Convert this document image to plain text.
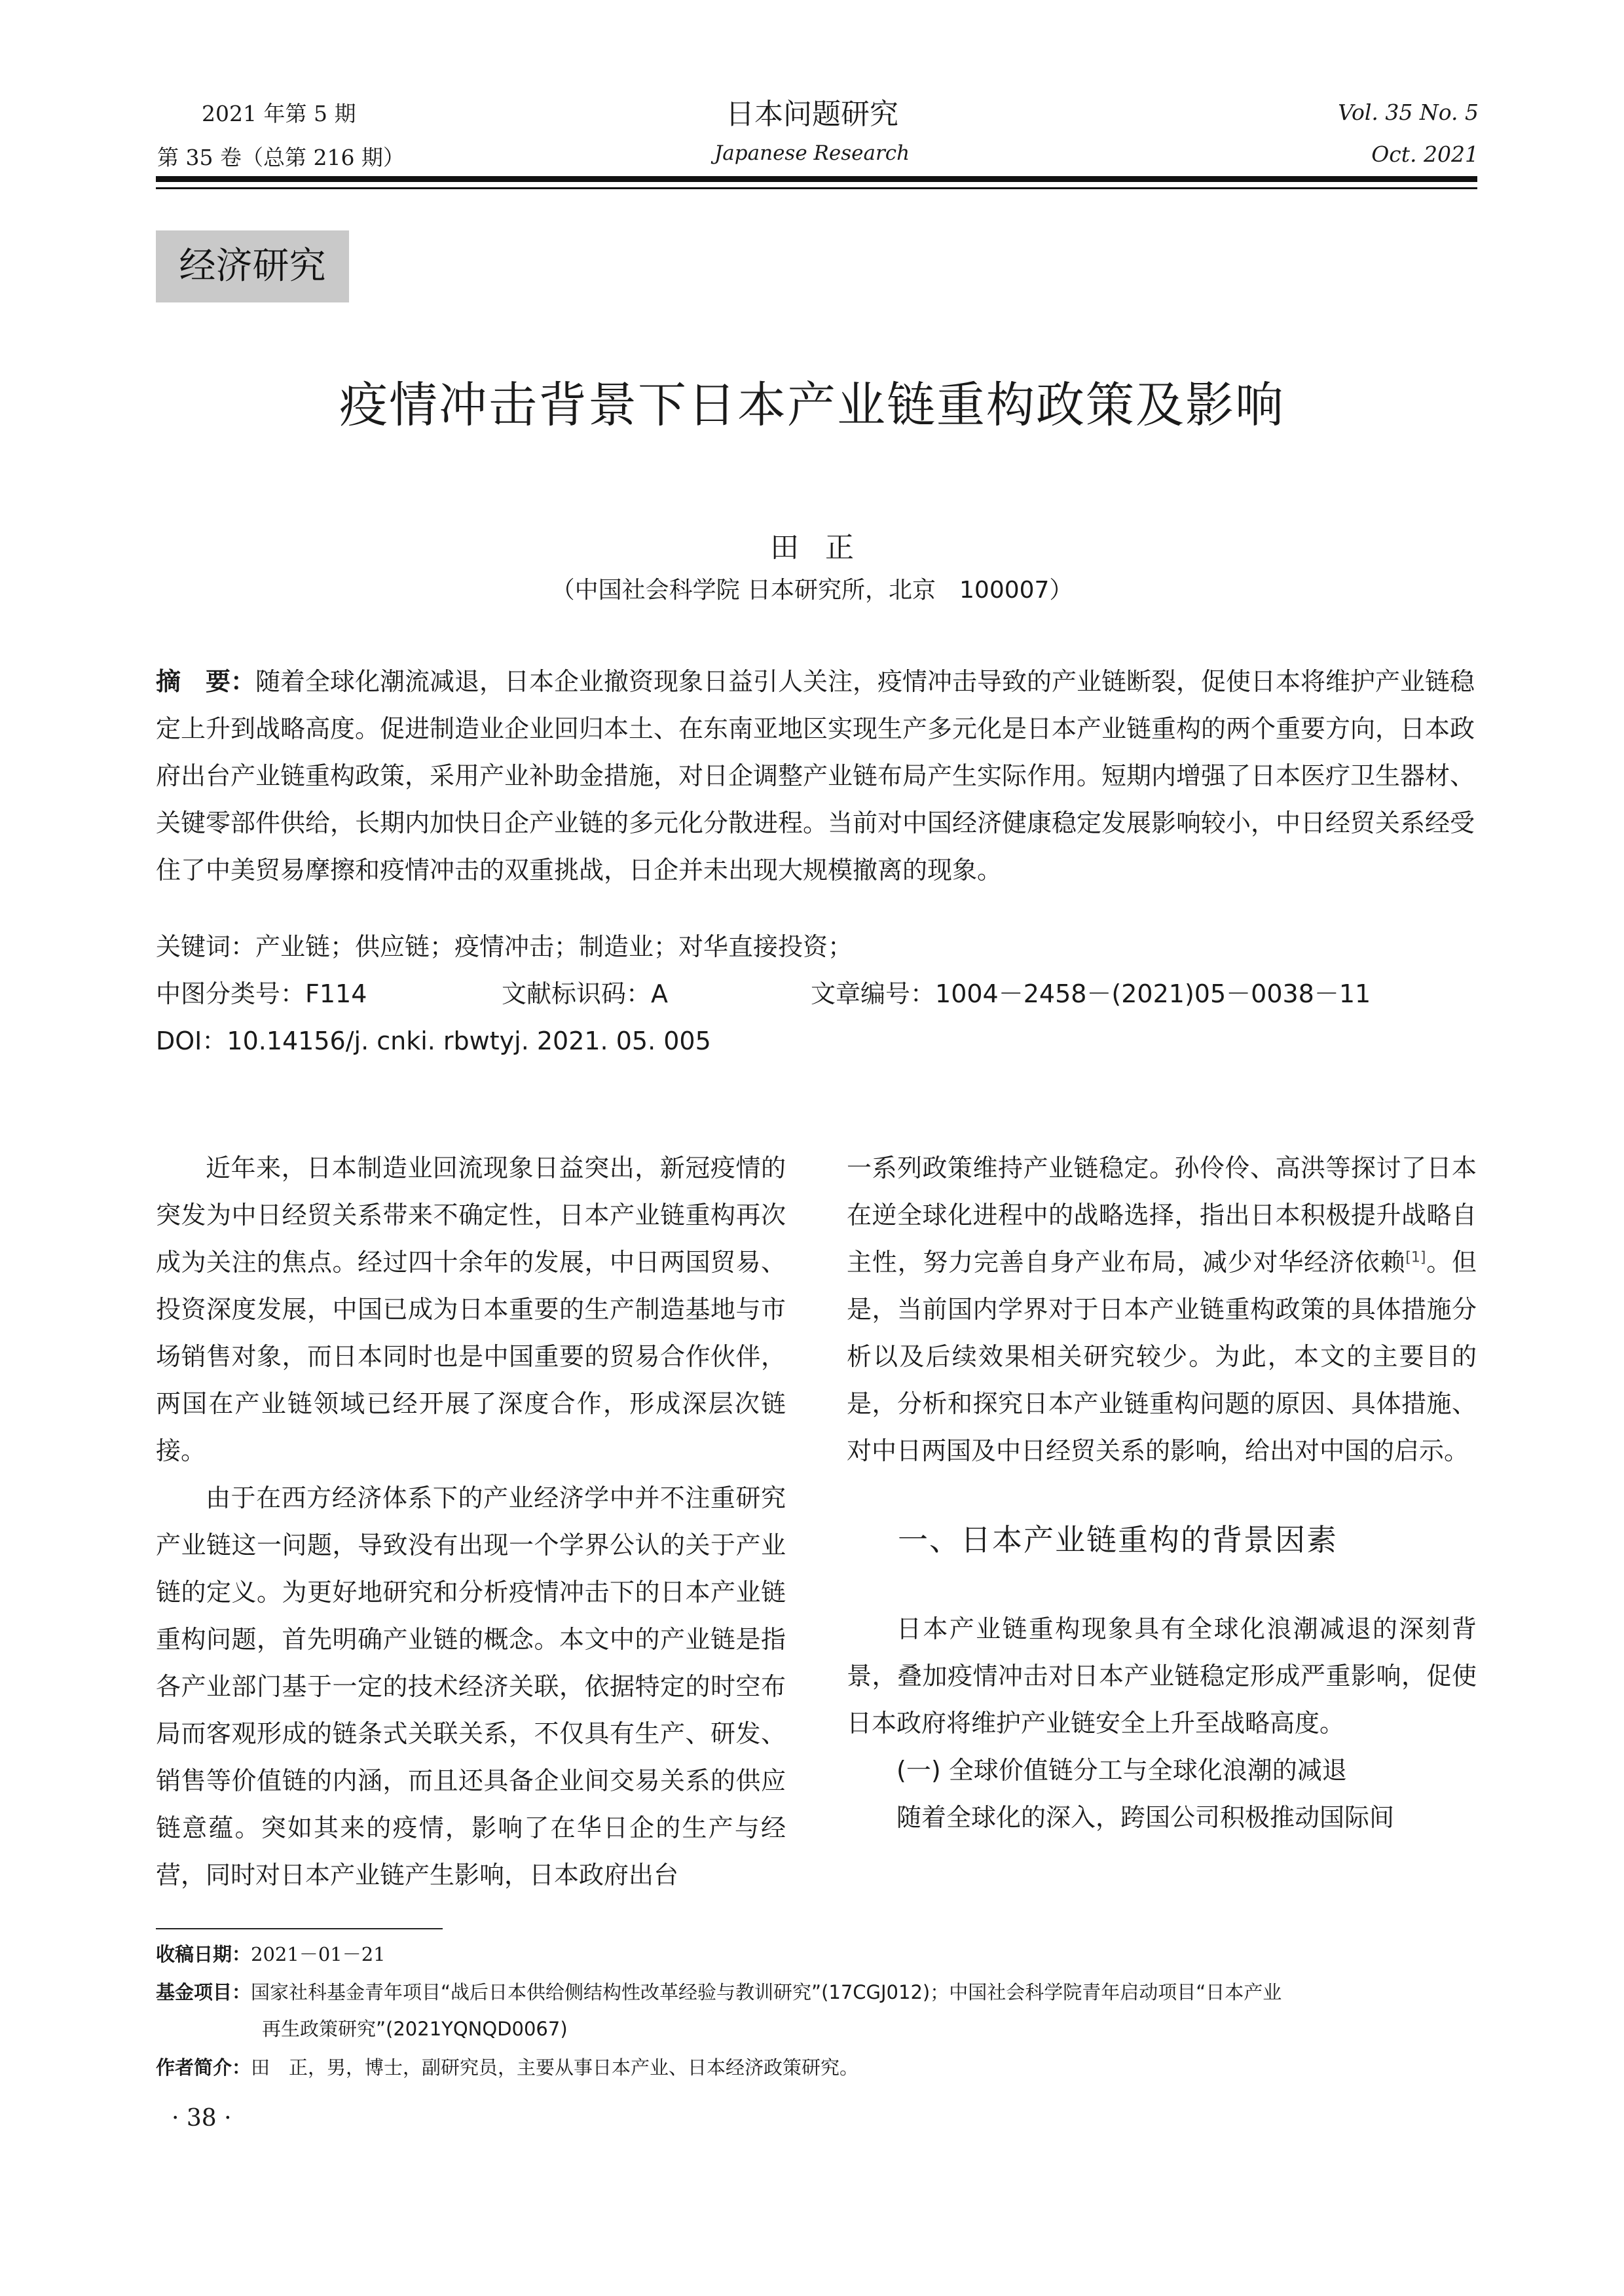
2021 年第 5 期
第 35 卷（总第 216 期）
日本问题研究
Japanese Research
Vol. 35 No. 5
Oct. 2021
经济研究
疫情冲击背景下日本产业链重构政策及影响
田正
（中国社会科学院 日本研究所，北京　100007）
摘　要：随着全球化潮流减退，日本企业撤资现象日益引人关注，疫情冲击导致的产业链断裂，促使日本将维护产业链稳定上升到战略高度。促进制造业企业回归本土、在东南亚地区实现生产多元化是日本产业链重构的两个重要方向，日本政府出台产业链重构政策，采用产业补助金措施，对日企调整产业链布局产生实际作用。短期内增强了日本医疗卫生器材、关键零部件供给，长期内加快日企产业链的多元化分散进程。当前对中国经济健康稳定发展影响较小，中日经贸关系经受住了中美贸易摩擦和疫情冲击的双重挑战，日企并未出现大规模撤离的现象。
关键词：产业链；供应链；疫情冲击；制造业；对华直接投资；
中图分类号：F114	文献标识码：A	文章编号：1004－2458－(2021)05－0038－11
DOI：10.14156/j. cnki. rbwtyj. 2021. 05. 005

近年来，日本制造业回流现象日益突出，新冠疫情的突发为中日经贸关系带来不确定性，日本产业链重构再次成为关注的焦点。经过四十余年的发展，中日两国贸易、投资深度发展，中国已成为日本重要的生产制造基地与市场销售对象，而日本同时也是中国重要的贸易合作伙伴，两国在产业链领域已经开展了深度合作，形成深层次链接。

由于在西方经济体系下的产业经济学中并不注重研究产业链这一问题，导致没有出现一个学界公认的关于产业链的定义。为更好地研究和分析疫情冲击下的日本产业链重构问题，首先明确产业链的概念。本文中的产业链是指各产业部门基于一定的技术经济关联，依据特定的时空布局而客观形成的链条式关联关系，不仅具有生产、研发、销售等价值链的内涵，而且还具备企业间交易关系的供应链意蕴。突如其来的疫情，影响了在华日企的生产与经营，同时对日本产业链产生影响，日本政府出台

一系列政策维持产业链稳定。孙伶伶、高洪等探讨了日本在逆全球化进程中的战略选择，指出日本积极提升战略自主性，努力完善自身产业布局，减少对华经济依赖[1]。但是，当前国内学界对于日本产业链重构政策的具体措施分析以及后续效果相关研究较少。为此，本文的主要目的是，分析和探究日本产业链重构问题的原因、具体措施、对中日两国及中日经贸关系的影响，给出对中国的启示。

一、日本产业链重构的背景因素

日本产业链重构现象具有全球化浪潮减退的深刻背景，叠加疫情冲击对日本产业链稳定形成严重影响，促使日本政府将维护产业链安全上升至战略高度。

(一) 全球价值链分工与全球化浪潮的减退

随着全球化的深入，跨国公司积极推动国际间

收稿日期：2021－01－21
基金项目：国家社科基金青年项目“战后日本供给侧结构性改革经验与教训研究”(17CGJ012)；中国社会科学院青年启动项目“日本产业
再生政策研究”(2021YQNQD0067)
作者简介：田　正，男，博士，副研究员，主要从事日本产业、日本经济政策研究。
· 38 ·
